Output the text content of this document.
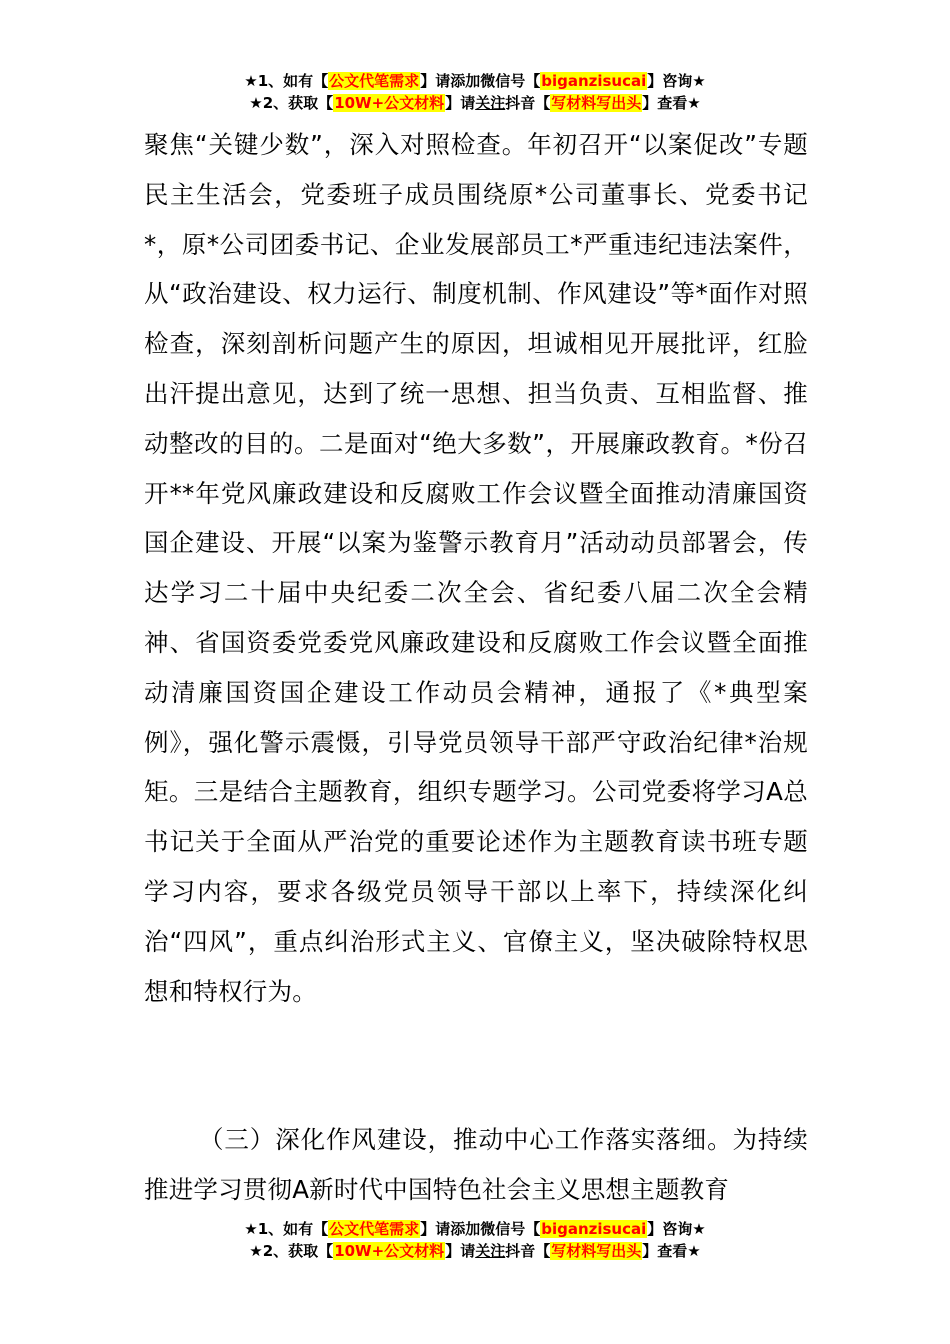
★1、如有【公文代笔需求】请添加微信号【biganzisucai】咨询★
★2、获取【10W+公文材料】请关注抖音【写材料写出头】查看★
聚焦“关键少数”，深入对照检查。年初召开“以案促改”专题民主生活会，党委班子成员围绕原*公司董事长、党委书记*，原*公司团委书记、企业发展部员工*严重违纪违法案件，从“政治建设、权力运行、制度机制、作风建设”等*面作对照检查，深刻剖析问题产生的原因，坦诚相见开展批评，红脸出汗提出意见，达到了统一思想、担当负责、互相监督、推动整改的目的。二是面对“绝大多数”，开展廉政教育。*份召开**年党风廉政建设和反腐败工作会议暨全面推动清廉国资国企建设、开展“以案为鉴警示教育月”活动动员部署会，传达学习二十届中央纪委二次全会、省纪委八届二次全会精神、省国资委党委党风廉政建设和反腐败工作会议暨全面推动清廉国资国企建设工作动员会精神，通报了《*典型案例》，强化警示震慑，引导党员领导干部严守政治纪律*治规矩。三是结合主题教育，组织专题学习。公司党委将学习A总书记关于全面从严治党的重要论述作为主题教育读书班专题学习内容，要求各级党员领导干部以上率下，持续深化纠治“四风”，重点纠治形式主义、官僚主义，坚决破除特权思想和特权行为。
（三）深化作风建设，推动中心工作落实落细。为持续推进学习贯彻A新时代中国特色社会主义思想主题教育
★1、如有【公文代笔需求】请添加微信号【biganzisucai】咨询★
★2、获取【10W+公文材料】请关注抖音【写材料写出头】查看★
